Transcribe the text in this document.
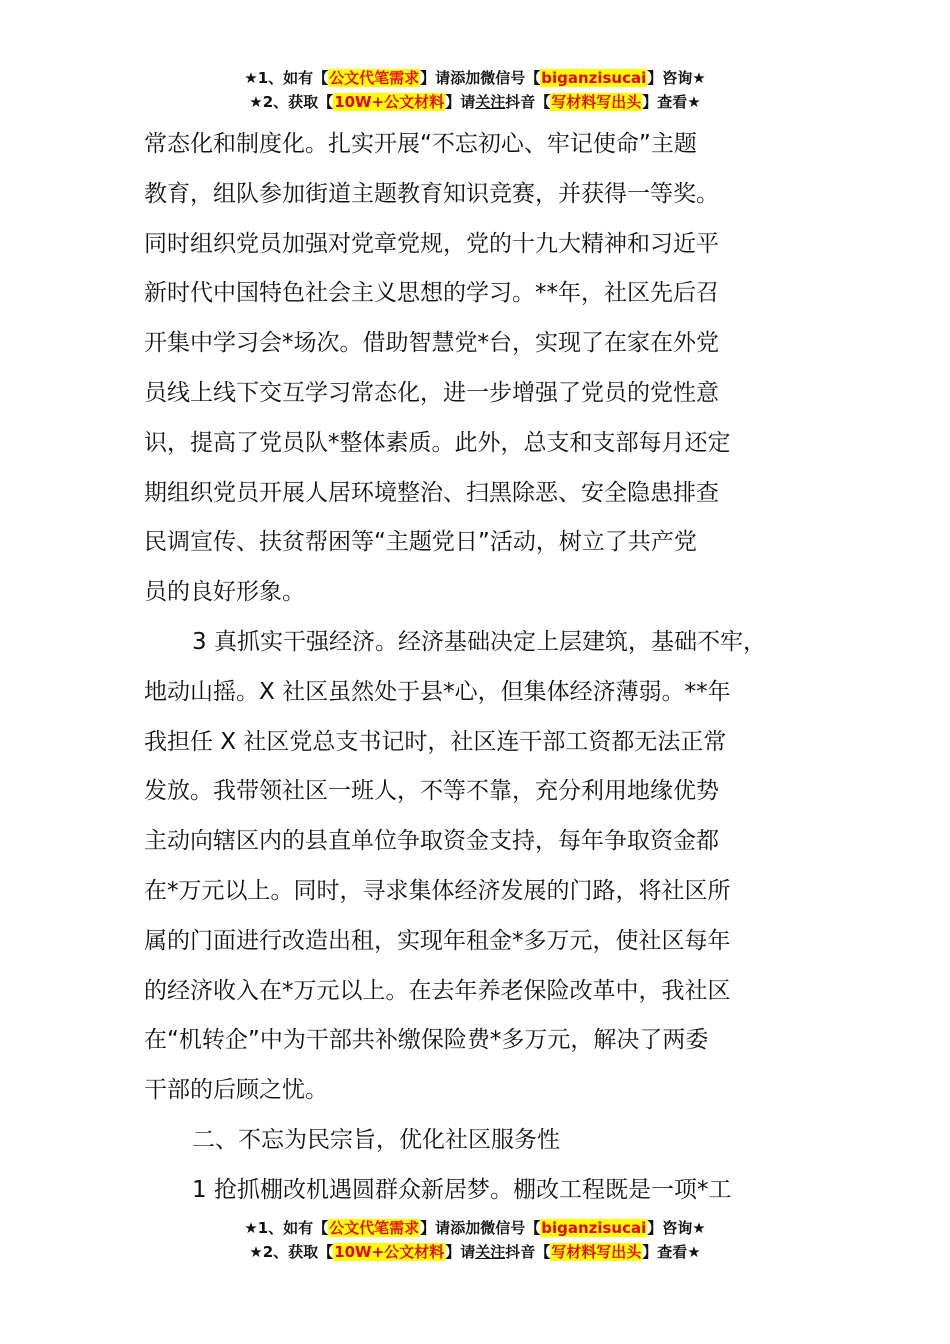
★1、如有【公文代笔需求】请添加微信号【biganzisucai】咨询★
★2、获取【10W+公文材料】请关注抖音【写材料写出头】查看★
常态化和制度化。扎实开展“不忘初心、牢记使命”主题
教育，组队参加街道主题教育知识竞赛，并获得一等奖。
同时组织党员加强对党章党规，党的十九大精神和习近平
新时代中国特色社会主义思想的学习。**年，社区先后召
开集中学习会*场次。借助智慧党*台，实现了在家在外党
员线上线下交互学习常态化，进一步增强了党员的党性意
识，提高了党员队*整体素质。此外，总支和支部每月还定
期组织党员开展人居环境整治、扫黑除恶、安全隐患排查
民调宣传、扶贫帮困等“主题党日”活动，树立了共产党
员的良好形象。
3 真抓实干强经济。经济基础决定上层建筑，基础不牢，
地动山摇。X 社区虽然处于县*心，但集体经济薄弱。**年
我担任 X 社区党总支书记时，社区连干部工资都无法正常
发放。我带领社区一班人，不等不靠，充分利用地缘优势
主动向辖区内的县直单位争取资金支持，每年争取资金都
在*万元以上。同时，寻求集体经济发展的门路，将社区所
属的门面进行改造出租，实现年租金*多万元，使社区每年
的经济收入在*万元以上。在去年养老保险改革中，我社区
在“机转企”中为干部共补缴保险费*多万元，解决了两委
干部的后顾之忧。
二、不忘为民宗旨，优化社区服务性
1 抢抓棚改机遇圆群众新居梦。棚改工程既是一项*工
★1、如有【公文代笔需求】请添加微信号【biganzisucai】咨询★
★2、获取【10W+公文材料】请关注抖音【写材料写出头】查看★
